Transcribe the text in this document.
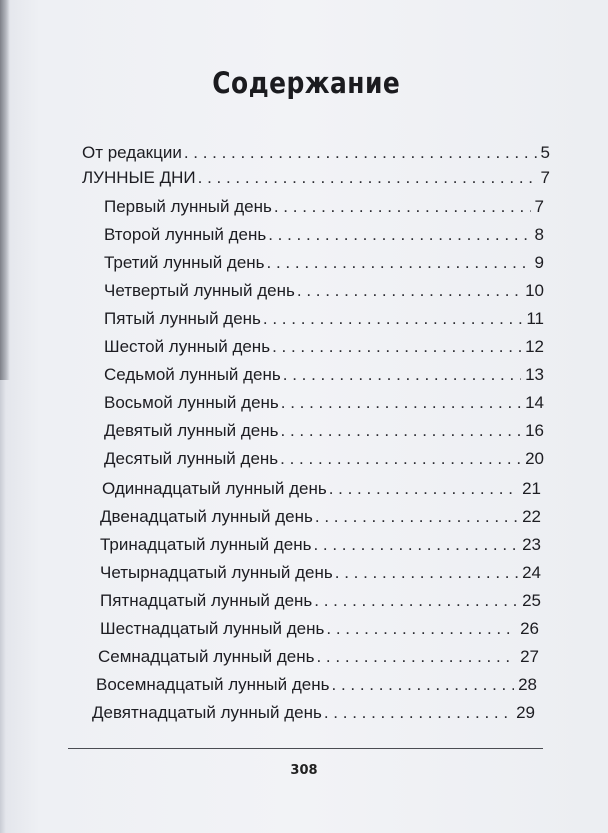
Содержание
От редакции . . .	5
ЛУННЫЕ ДНИ . . .	7
Первый лунный день . . .	7
Второй лунный день . . .	8
Третий лунный день . . .	9
Четвертый лунный день . . .	10
Пятый лунный день . . .	11
Шестой лунный день . . .	12
Седьмой лунный день . . .	13
Восьмой лунный день . . .	14
Девятый лунный день . . .	16
Десятый лунный день . . .	20
Одиннадцатый лунный день . . .	21
Двенадцатый лунный день . . .	22
Тринадцатый лунный день . . .	23
Четырнадцатый лунный день . . .	24
Пятнадцатый лунный день . . .	25
Шестнадцатый лунный день . . .	26
Семнадцатый лунный день . . .	27
Восемнадцатый лунный день . . .	28
Девятнадцатый лунный день . . .	29
308
